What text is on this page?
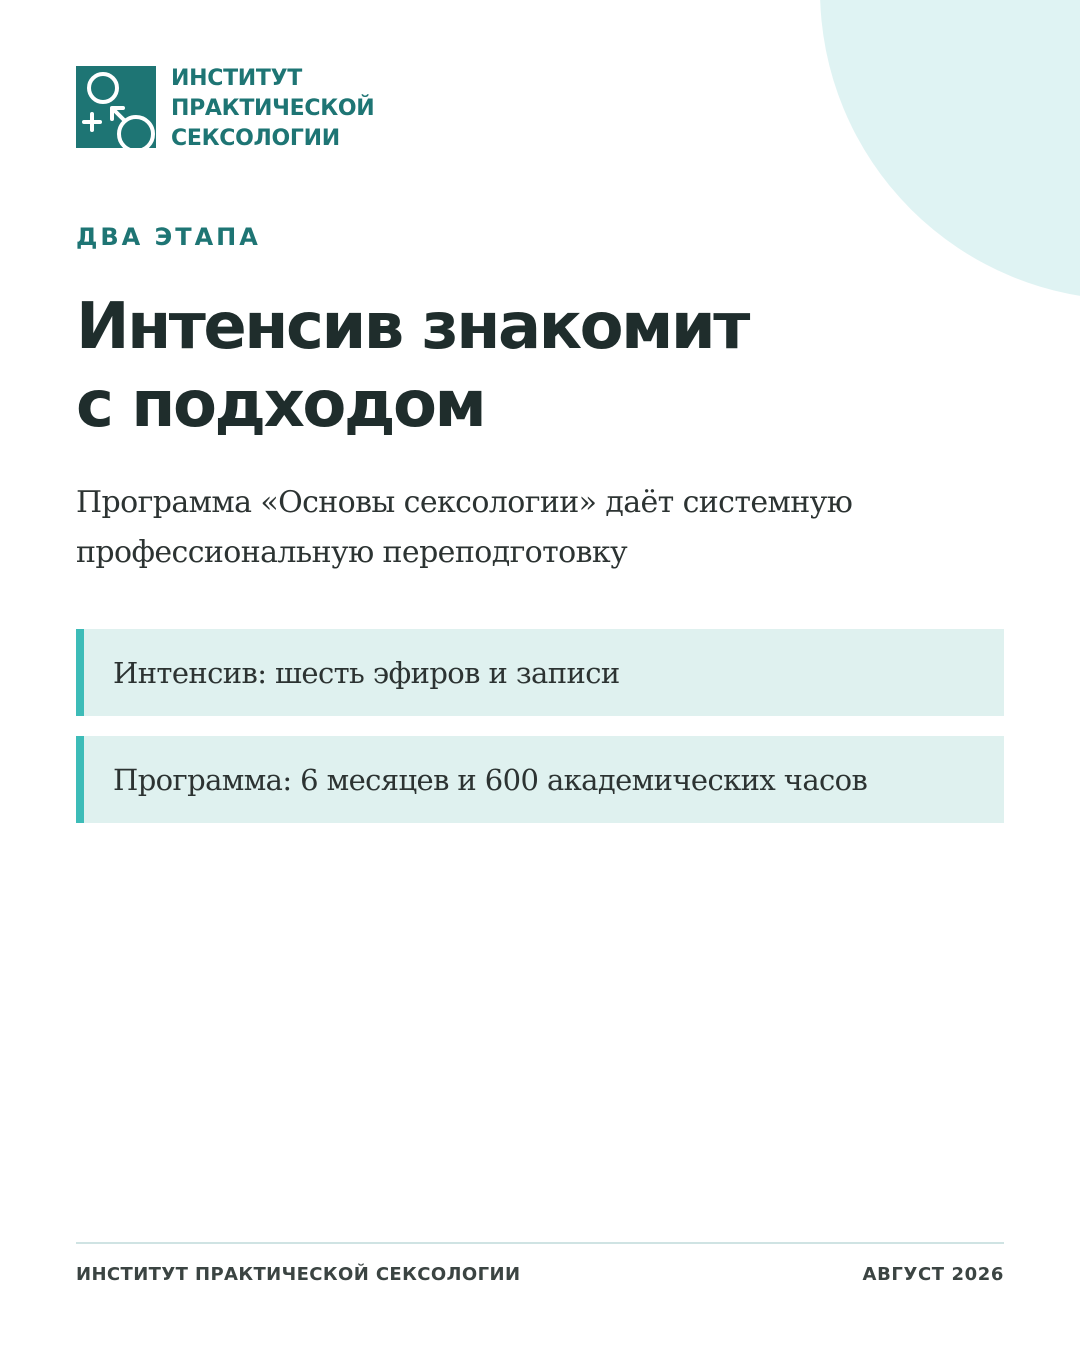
ИНСТИТУТ
ПРАКТИЧЕСКОЙ
СЕКСОЛОГИИ
ДВА ЭТАПА
Интенсив знакомит
с подходом

Программа «Основы сексологии» даёт системную
профессиональную переподготовку

Интенсив: шесть эфиров и записи
Программа: 6 месяцев и 600 академических часов
ИНСТИТУТ ПРАКТИЧЕСКОЙ СЕКСОЛОГИИ	АВГУСТ 2026
